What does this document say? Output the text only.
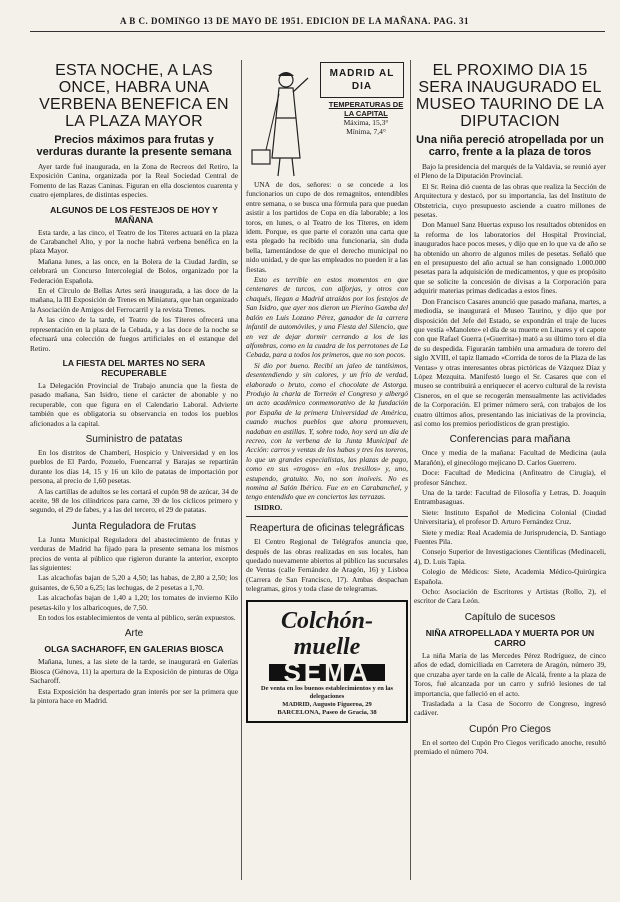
A B C. DOMINGO 13 DE MAYO DE 1951. EDICION DE LA MAÑANA. PAG. 31
ESTA NOCHE, A LAS ONCE, HABRA UNA VERBENA BENEFICA EN LA PLAZA MAYOR
Precios máximos para frutas y verduras durante la presente semana

Ayer tarde fué inaugurada, en la Zona de Recreos del Retiro, la Exposición Canina, organizada por la Real Sociedad Central de Fomento de las Razas Caninas. Figuran en ella doscientos cuarenta y cuatro ejemplares, de distintas especies.

ALGUNOS DE LOS FESTEJOS DE HOY Y MAÑANA

Esta tarde, a las cinco, el Teatro de los Títeres actuará en la plaza de Carabanchel Alto, y por la noche habrá verbena benéfica en la plaza Mayor.

Mañana lunes, a las once, en la Bolera de la Ciudad Jardín, se celebrará un Concurso Intercolegial de Bolos, organizado por la Federación Española.

En el Círculo de Bellas Artes será inaugurada, a las doce de la mañana, la III Exposición de Trenes en Miniatura, que han organizado la Asociación de Amigos del Ferrocarril y la revista Trenes.

A las cinco de la tarde, el Teatro de los Títeres ofrecerá una representación en la plaza de la Cebada, y a las doce de la noche se efectuará una colección de fuegos artificiales en el estanque del Retiro.

LA FIESTA DEL MARTES NO SERA RECUPERABLE

La Delegación Provincial de Trabajo anuncia que la fiesta de pasado mañana, San Isidro, tiene el carácter de abonable y no recuperable, con que figura en el Calendario Laboral. Advierte también que es obligatoria su observancia en todos los pueblos aficionados a la capital.

Suministro de patatas

En los distritos de Chamberí, Hospicio y Universidad y en los pueblos de El Pardo, Pozuelo, Fuencarral y Barajas se repartirán durante los días 14, 15 y 16 un kilo de patatas de importación por persona, al precio de 1,60 pesetas.

A las cartillas de adultos se les cortará el cupón 98 de azúcar, 34 de aceite, 98 de los cilíndricos para carne, 39 de los cíclicos primero y segundo, el 29 de fabes, y a las del tercero, el 29 de patatas.

Junta Reguladora de Frutas

La Junta Municipal Reguladora del abastecimiento de frutas y verduras de Madrid ha fijado para la presente semana los mismos precios de venta al público que rigieron durante la anterior, excepto las siguientes:

Las alcachofas bajan de 5,20 a 4,50; las habas, de 2,80 a 2,50; los guisantes, de 6,50 a 6,25; las lechugas, de 2 pesetas a 1,70.

Las alcachofas bajan de 1,40 a 1,20; los tomates de invierno Kilo pesetas-kilo y los albaricoques, de 7,50.

En todos los establecimientos de venta al público, serán expuestos.

Arte
OLGA SACHAROFF, EN GALERIAS BIOSCA

Mañana, lunes, a las siete de la tarde, se inaugurará en Galerías Biosca (Génova, 11) la apertura de la Exposición de pinturas de Olga Sacharoff.

Esta Exposición ha despertado gran interés por ser la primera que la pintora hace en Madrid.

MADRID AL DIA
TEMPERATURAS DE LA CAPITAL
Máxima, 15,3°
Mínima, 7,4°

UNA de dos, señores: o se concede a los funcionarios un cupo de dos remagnitos, entendibles entre semana, o se busca una fórmula para que puedan asistir a los partidos de Copa en día laborable; a los toros, en lunes, o al Teatro de los Títeres, en idem idem. Porque, es que parte el corazón una carta que esta plegado ha recibido una funcionaria, sin duda bella, lamentándose de que el derecho municipal no nido unidad, y de que las empleados no pueden ir a las fiestas.

Esto es terrible en estos momentos en que centenares de turcos, con alforjas, y otros con chaqués, llegan a Madrid atraídos por los festejos de San Isidro, que ayer nos dieron un Pierino Gamba del balón en Luis Lozano Pérez, ganador de la carrera infantil de automóviles, y una Fiesta del Silencio, que en vez de dejar dormir cerrando a los de las alfombras, como en la cuadra de los perrotones de La Cebada, para a todos los primeros, que no son pocos.

Si dio por bueno. Recibí un jaleo de tantísimos, desentendiendo y sin calores, y un frío de verdad, elaborado o bruto, como el chocolate de Astorga. Produjo la charla de Torreón el Congreso y albergó un acto académico conmemorativo de la fundación por España de la primera Universidad de América, cuando muchos pueblos que ahora promueven, nadaban en astillas. Y, sobre todo, hoy será un día de recreo, con la verbena de la Junta Municipal de Acción: carros y ventas de los habas y tres los toreros, lo que un grandes especialistas, las plazas de pago, como en sus «trogos» en «los tresillos» y, uno, estupendo, gratuito. No, no son inoíveis. No es nomina al Salón Ibérico. Fue en en Carabanchel, y tengo entendido que en conciertos las terrazas.

ISIDRO.

Reapertura de oficinas telegráficas

El Centro Regional de Telégrafos anuncia que, después de las obras realizadas en sus locales, han quedado nuevamente abiertos al público las sucursales de Ventas (calle Fernández de Aragón, 16) y Lisboa (Carrera de San Francisco, 17). Ambas despachan telegramas, giros y toda clase de telegramas.

Colchón-muelle
SEMA
De venta en los buenos establecimientos y en las delegaciones
MADRID, Augusto Figueroa, 29
BARCELONA, Paseo de Gracia, 38
EL PROXIMO DIA 15 SERA INAUGURADO EL MUSEO TAURINO DE LA DIPUTACION
Una niña pereció atropellada por un carro, frente a la plaza de toros

Bajo la presidencia del marqués de la Valdavia, se reunió ayer el Pleno de la Diputación Provincial.

El Sr. Reina dió cuenta de las obras que realiza la Sección de Arquitectura y destacó, por su importancia, las del Instituto de Obstetricia, cuyo presupuesto asciende a cuatro millones de pesetas.

Don Manuel Sanz Huertas expuso los resultados obtenidos en la reforma de los laboratorios del Hospital Provincial, inaugurados hace pocos meses, y dijo que en lo que va de año se ha obtenido un ahorro de algunos miles de pesetas. Señaló que en el presupuesto del año actual se han consignado 1.000.000 pesetas para la adquisición de medicamentos, y que es propósito que se solicite la concesión de divisas a la Corporación para adquirir materias primas dedicadas a estos fines.

Don Francisco Casares anunció que pasado mañana, martes, a mediodía, se inaugurará el Museo Taurino, y dijo que por disposición del Jefe del Estado, se expondrán el traje de luces que vestía «Manolete» el día de su muerte en Linares y el capote con que Rafael Guerra («Guerrita») mató a su último toro el día de su despedida. Figurarán también una armadura de torero del siglo XVIII, el tapiz llamado «Corrida de toros de la Plaza de las Ventas» y otras interesantes obras pictóricas de Vázquez Díaz y López Mezquita. Manifestó luego el Sr. Casares que con el museo se contribuirá a enriquecer el acervo cultural de la revista Cisneros, en el que se recogerán mensualmente las actividades de la Corporación. El primer número será, con trabajos de los cuatro últimos años, presentando las iniciativas de la provincia, así como los premios periodísticos de gran prestigio.

Conferencias para mañana

Once y media de la mañana: Facultad de Medicina (aula Marañón), el ginecólogo mejicano D. Carlos Guerrero.

Doce: Facultad de Medicina (Anfiteatro de Cirugía), el profesor Sánchez.

Una de la tarde: Facultad de Filosofía y Letras, D. Joaquín Entrambasaguas.

Siete: Instituto Español de Medicina Colonial (Ciudad Universitaria), el profesor D. Arturo Fernández Cruz.

Siete y media: Real Academia de Jurisprudencia, D. Santiago Fuentes Pila.

Consejo Superior de Investigaciones Científicas (Medinaceli, 4), D. Luis Tapia.

Colegio de Médicos: Siete, Academia Médico-Quirúrgica Española.

Ocho: Asociación de Escritores y Artistas (Rollo, 2), el escritor de Cara León.

Capítulo de sucesos
NIÑA ATROPELLADA Y MUERTA POR UN CARRO

La niña María de las Mercedes Pérez Rodríguez, de cinco años de edad, domiciliada en Carretera de Aragón, número 39, que cruzaba ayer tarde en la calle de Alcalá, frente a la plaza de Toros, fué alcanzada por un carro y sufrió lesiones de tal importancia, que falleció en el acto.

Trasladada a la Casa de Socorro de Congreso, ingresó cadáver.

Cupón Pro Ciegos

En el sorteo del Cupón Pro Ciegos verificado anoche, resultó premiado el número 704.
